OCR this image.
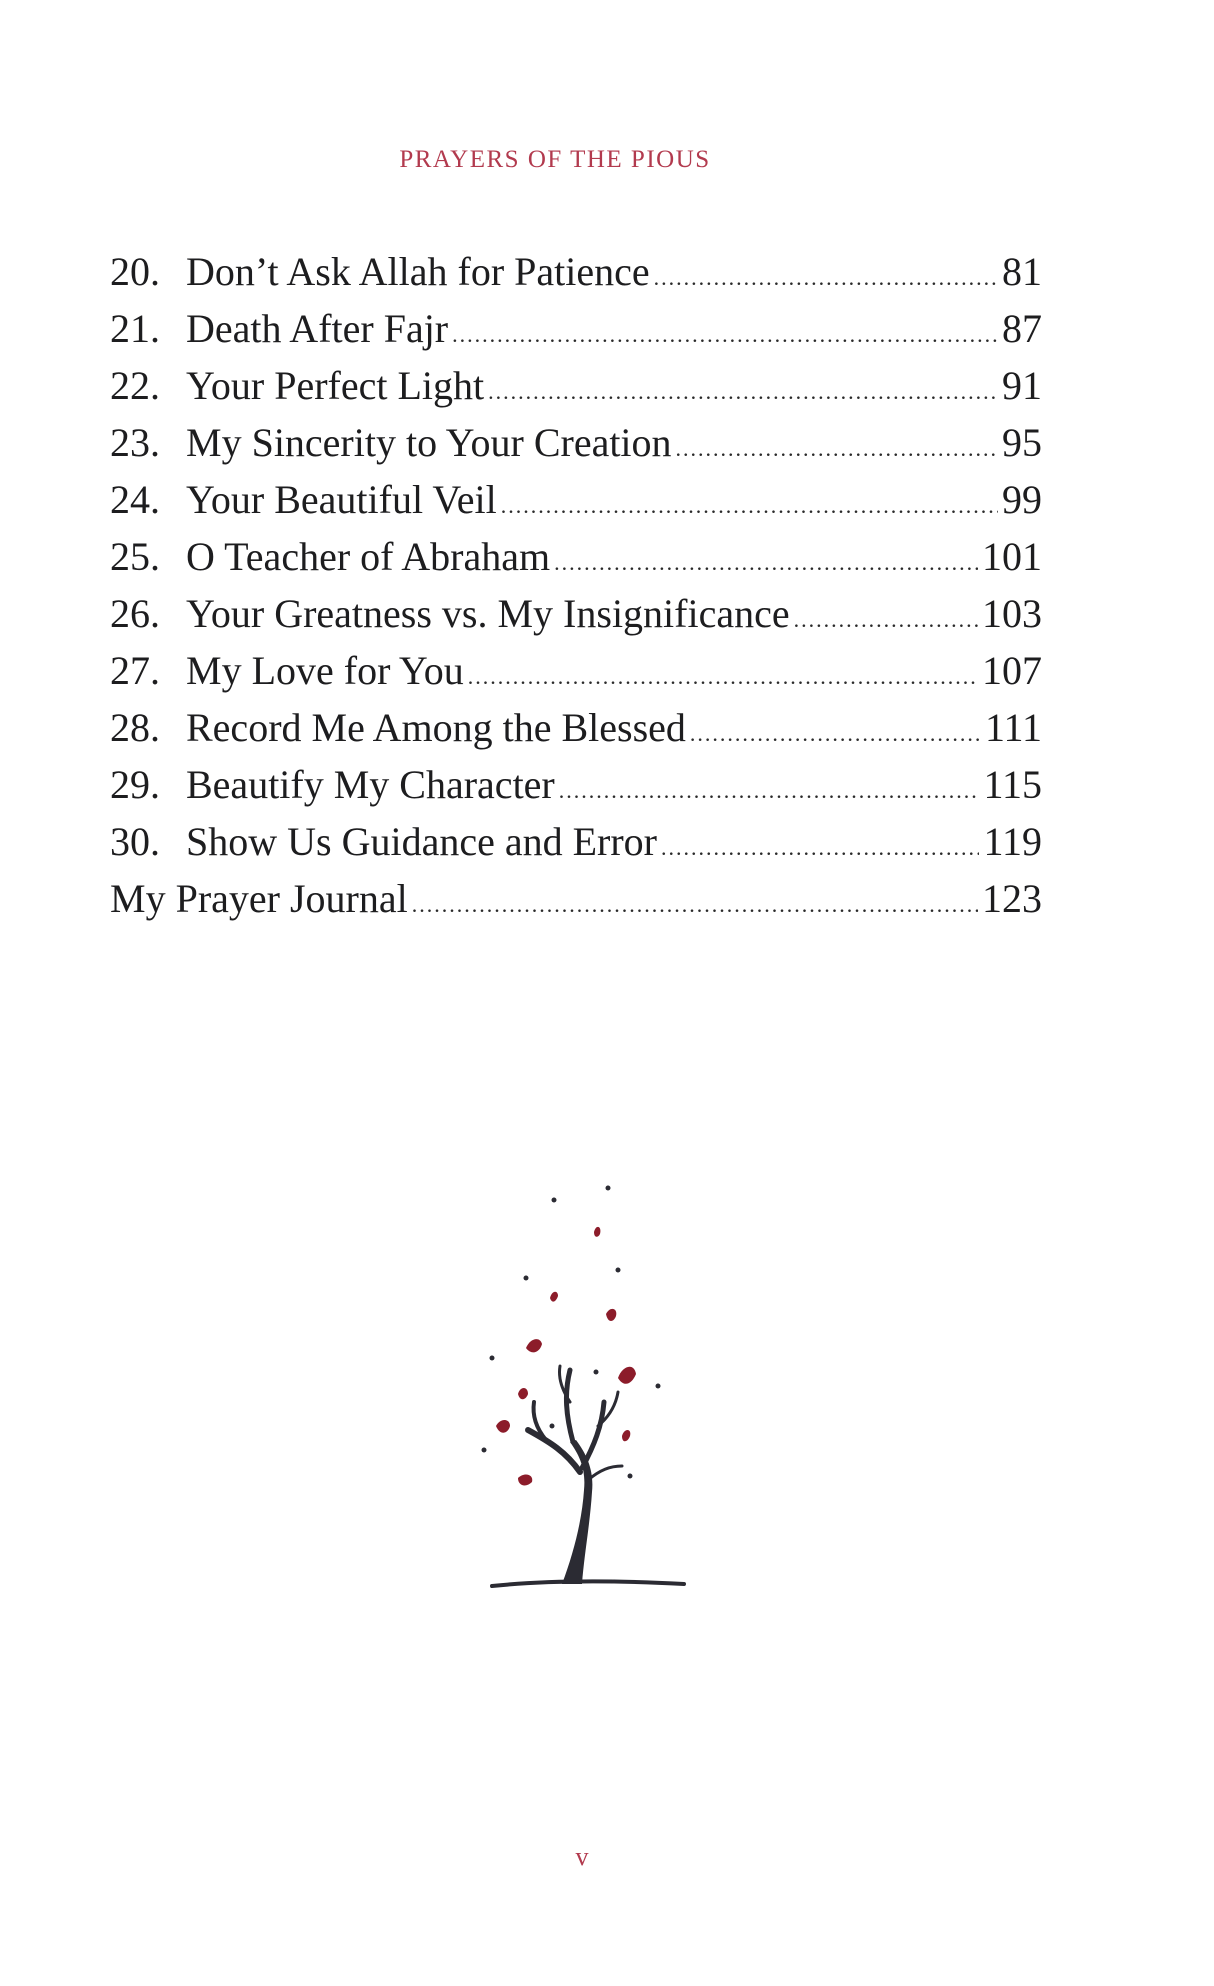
PRAYERS OF THE PIOUS
20. Don’t Ask Allah for Patience .....	81
21. Death After Fajr .....	87
22. Your Perfect Light .....	91
23. My Sincerity to Your Creation .....	95
24. Your Beautiful Veil .....	99
25. O Teacher of Abraham .....	101
26. Your Greatness vs. My Insignificance .....	103
27. My Love for You .....	107
28. Record Me Among the Blessed .....	111
29. Beautify My Character .....	115
30. Show Us Guidance and Error .....	119
My Prayer Journal .....	123
v
